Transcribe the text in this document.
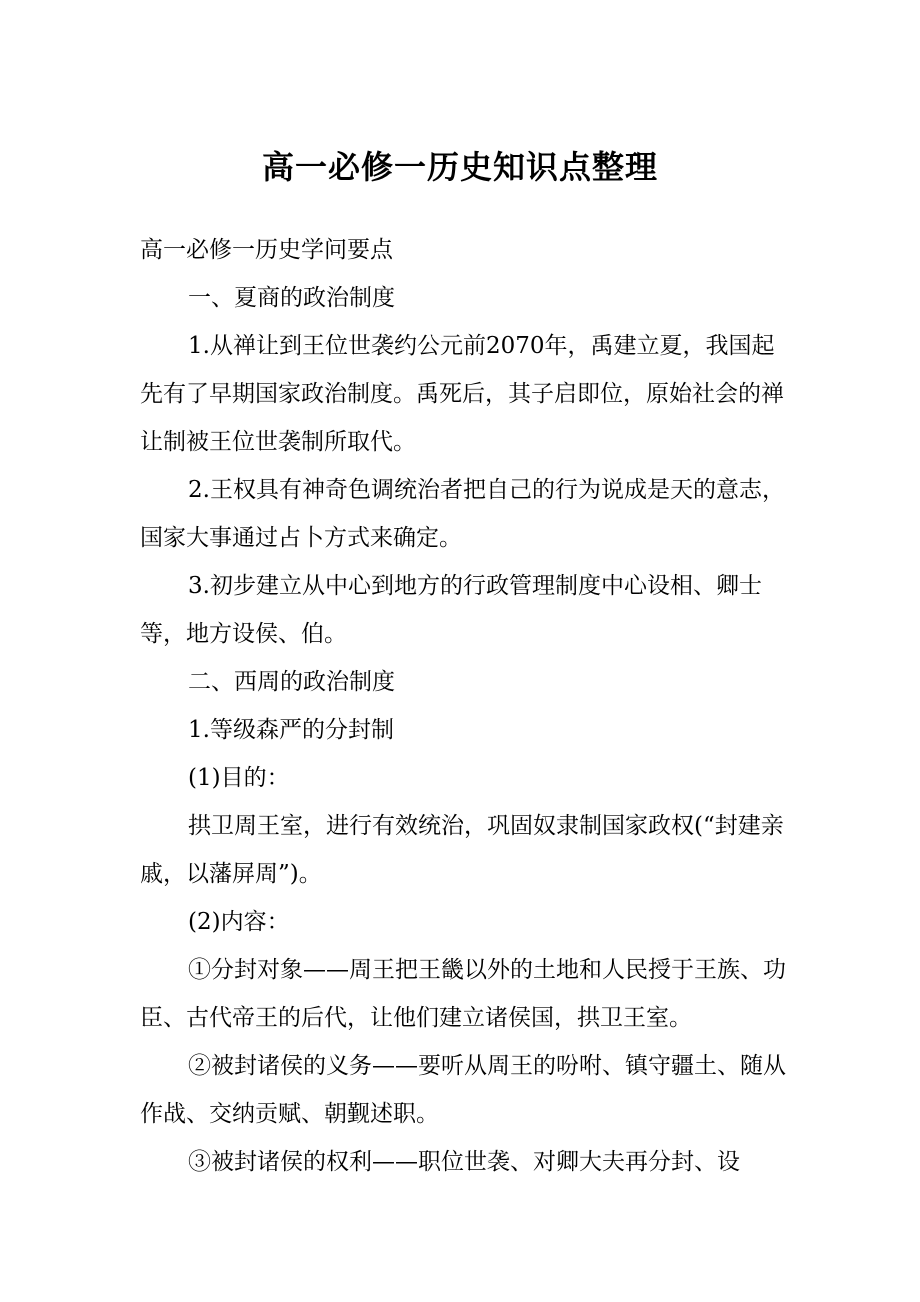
高一必修一历史知识点整理

高一必修一历史学问要点

一、夏商的政治制度

1.从禅让到王位世袭约公元前2070年，禹建立夏，我国起先有了早期国家政治制度。禹死后，其子启即位，原始社会的禅让制被王位世袭制所取代。

2.王权具有神奇色调统治者把自己的行为说成是天的意志，国家大事通过占卜方式来确定。

3.初步建立从中心到地方的行政管理制度中心设相、卿士等，地方设侯、伯。

二、西周的政治制度

1.等级森严的分封制

(1)目的：

拱卫周王室，进行有效统治，巩固奴隶制国家政权(“封建亲戚，以藩屏周”)。

(2)内容：

①分封对象——周王把王畿以外的土地和人民授于王族、功臣、古代帝王的后代，让他们建立诸侯国，拱卫王室。

②被封诸侯的义务——要听从周王的吩咐、镇守疆土、随从作战、交纳贡赋、朝觐述职。

③被封诸侯的权利——职位世袭、对卿大夫再分封、设
